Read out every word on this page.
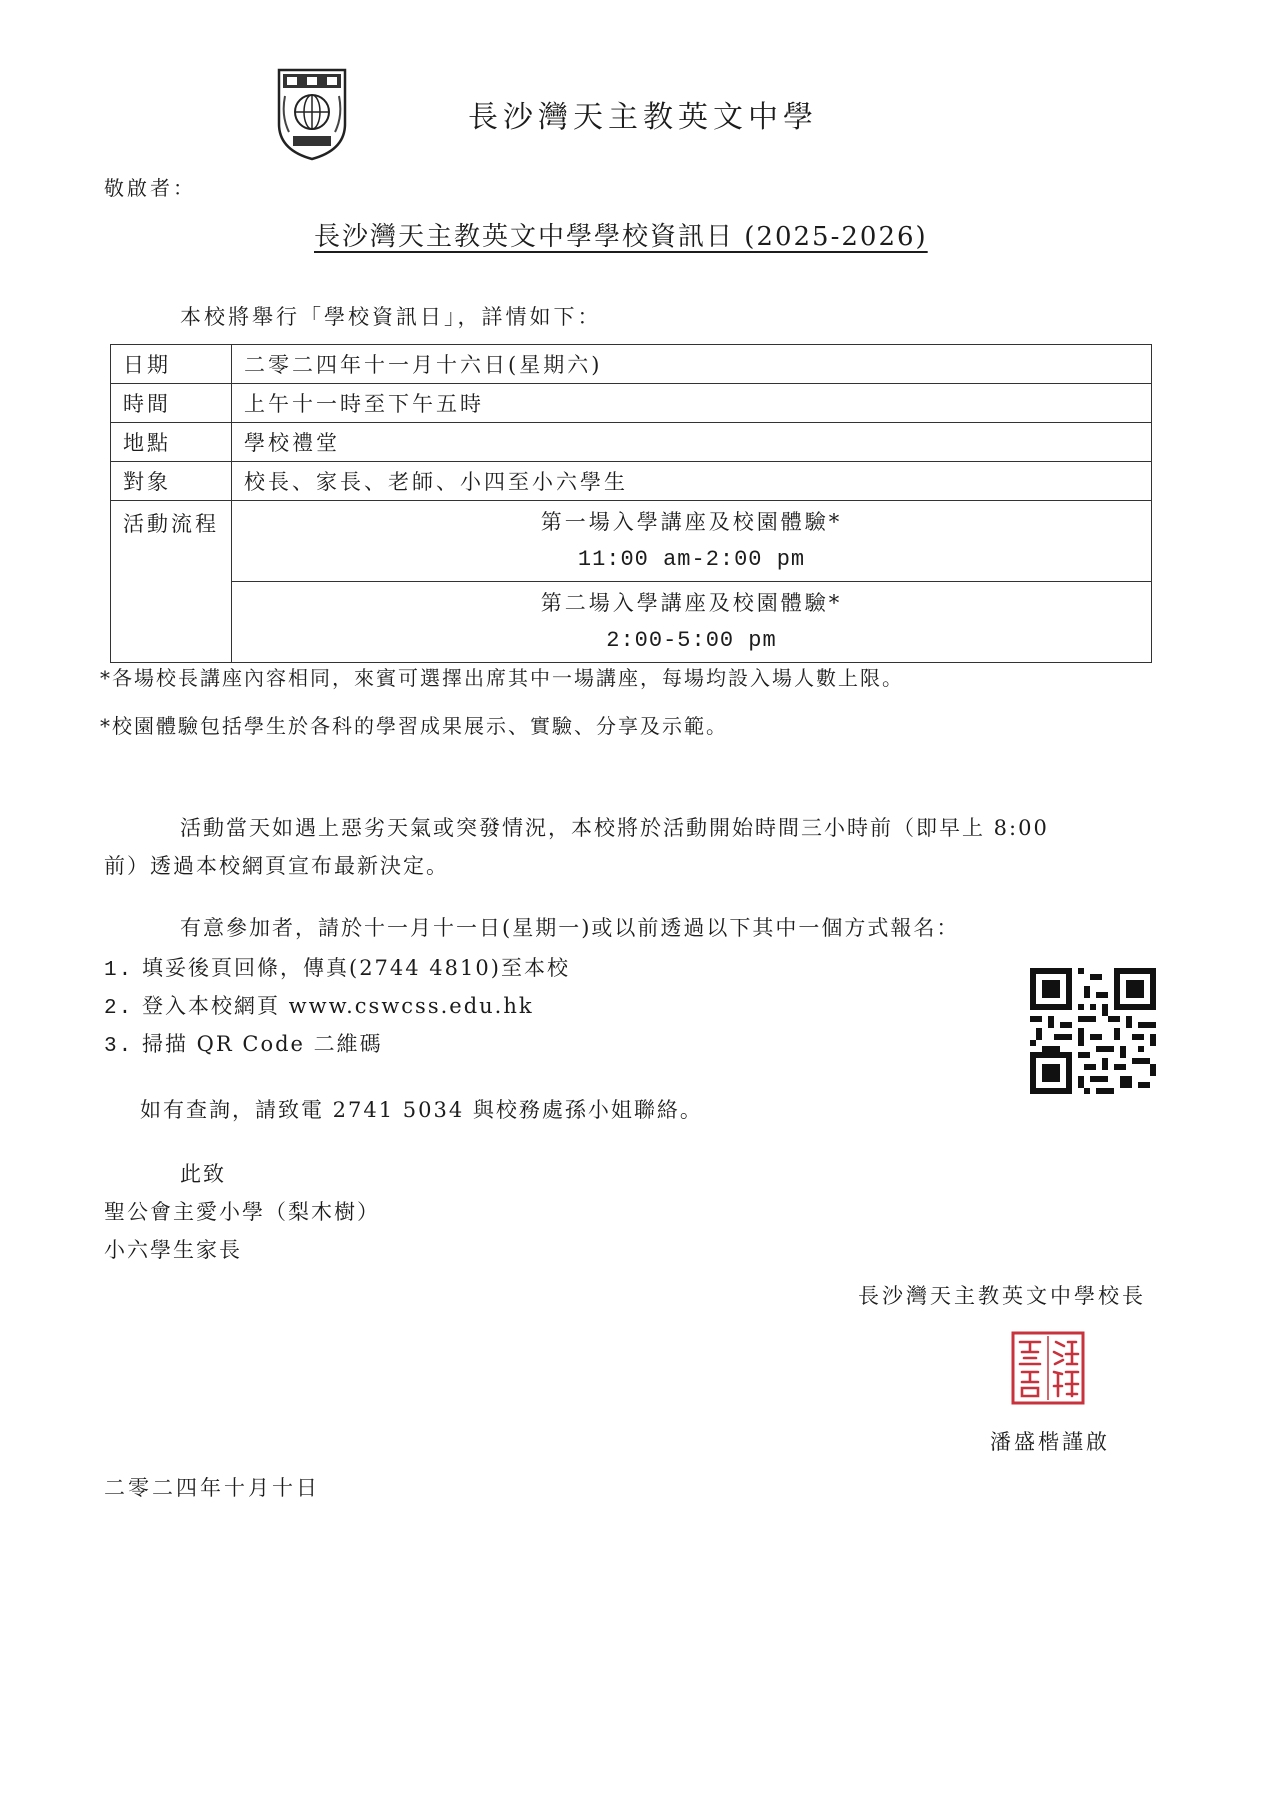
長沙灣天主教英文中學
敬啟者：
長沙灣天主教英文中學學校資訊日 (2025-2026)
本校將舉行「學校資訊日」，詳情如下：
日期	二零二四年十一月十六日(星期六)
時間	上午十一時至下午五時
地點	學校禮堂
對象	校長、家長、老師、小四至小六學生
活動流程	第一場入學講座及校園體驗*
11:00 am-2:00 pm

	第二場入學講座及校園體驗*
2:00-5:00 pm
*各場校長講座內容相同，來賓可選擇出席其中一場講座，每場均設入場人數上限。
*校園體驗包括學生於各科的學習成果展示、實驗、分享及示範。
活動當天如遇上惡劣天氣或突發情況，本校將於活動開始時間三小時前（即早上 8:00
前）透過本校網頁宣布最新決定。
有意參加者，請於十一月十一日(星期一)或以前透過以下其中一個方式報名：
1. 填妥後頁回條，傳真(2744 4810)至本校
2. 登入本校網頁 www.cswcss.edu.hk
3. 掃描 QR Code 二維碼
如有查詢，請致電 2741 5034 與校務處孫小姐聯絡。
此致
聖公會主愛小學（梨木樹）
小六學生家長
長沙灣天主教英文中學校長
潘盛楷謹啟
二零二四年十月十日
